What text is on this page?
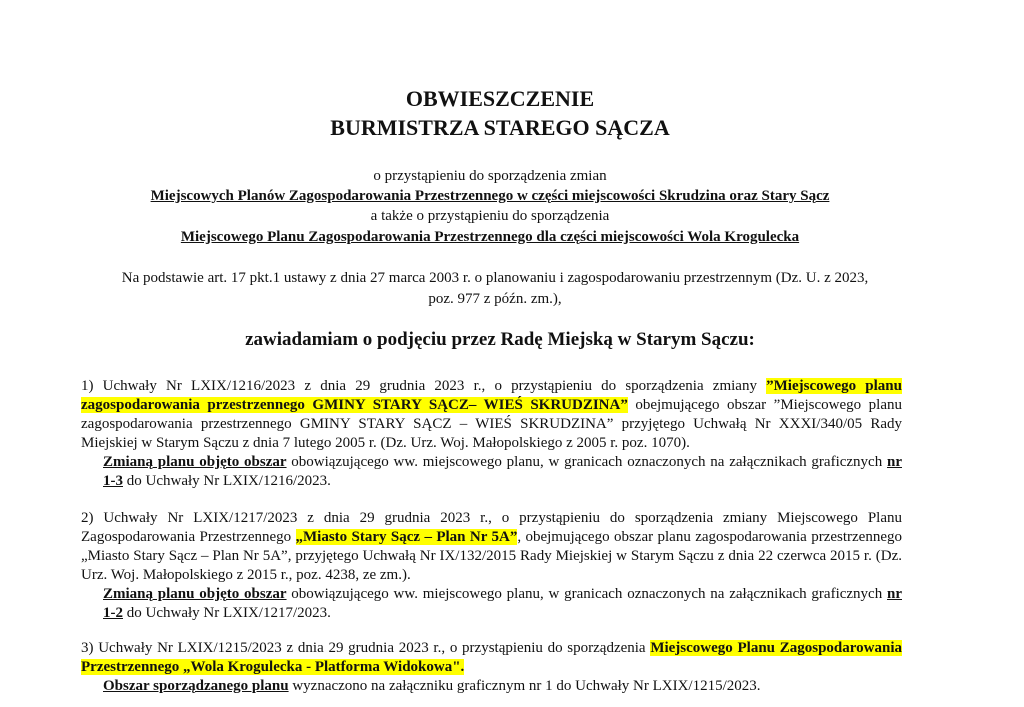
OBWIESZCZENIE
BURMISTRZA STAREGO SĄCZA
o przystąpieniu do sporządzenia zmian
Miejscowych Planów Zagospodarowania Przestrzennego w części miejscowości Skrudzina oraz Stary Sącz
a także o przystąpieniu do sporządzenia
Miejscowego Planu Zagospodarowania Przestrzennego dla części miejscowości Wola Krogulecka
Na podstawie art. 17 pkt.1 ustawy z dnia 27 marca 2003 r. o planowaniu i zagospodarowaniu przestrzennym (Dz. U. z 2023,
poz. 977 z późn. zm.),
zawiadamiam o podjęciu przez Radę Miejską w Starym Sączu:
1) Uchwały Nr LXIX/1216/2023 z dnia 29 grudnia 2023 r., o przystąpieniu do sporządzenia zmiany ”Miejscowego planu zagospodarowania przestrzennego GMINY STARY SĄCZ– WIEŚ SKRUDZINA” obejmującego obszar ”Miejscowego planu zagospodarowania przestrzennego GMINY STARY SĄCZ – WIEŚ SKRUDZINA” przyjętego Uchwałą Nr XXXI/340/05 Rady Miejskiej w Starym Sączu z dnia 7 lutego 2005 r. (Dz. Urz. Woj. Małopolskiego z 2005 r. poz. 1070).
Zmianą planu objęto obszar obowiązującego ww. miejscowego planu, w granicach oznaczonych na załącznikach graficznych nr 1-3 do Uchwały Nr LXIX/1216/2023.
2) Uchwały Nr LXIX/1217/2023 z dnia 29 grudnia 2023 r., o przystąpieniu do sporządzenia zmiany Miejscowego Planu Zagospodarowania Przestrzennego „Miasto Stary Sącz – Plan Nr 5A”, obejmującego obszar planu zagospodarowania przestrzennego „Miasto Stary Sącz – Plan Nr 5A”, przyjętego Uchwałą Nr IX/132/2015 Rady Miejskiej w Starym Sączu z dnia 22 czerwca 2015 r. (Dz. Urz. Woj. Małopolskiego z 2015 r., poz. 4238, ze zm.).
Zmianą planu objęto obszar obowiązującego ww. miejscowego planu, w granicach oznaczonych na załącznikach graficznych nr 1-2 do Uchwały Nr LXIX/1217/2023.
3) Uchwały Nr LXIX/1215/2023 z dnia 29 grudnia 2023 r., o przystąpieniu do sporządzenia Miejscowego Planu Zagospodarowania Przestrzennego „Wola Krogulecka - Platforma Widokowa".
Obszar sporządzanego planu wyznaczono na załączniku graficznym nr 1 do Uchwały Nr LXIX/1215/2023.
